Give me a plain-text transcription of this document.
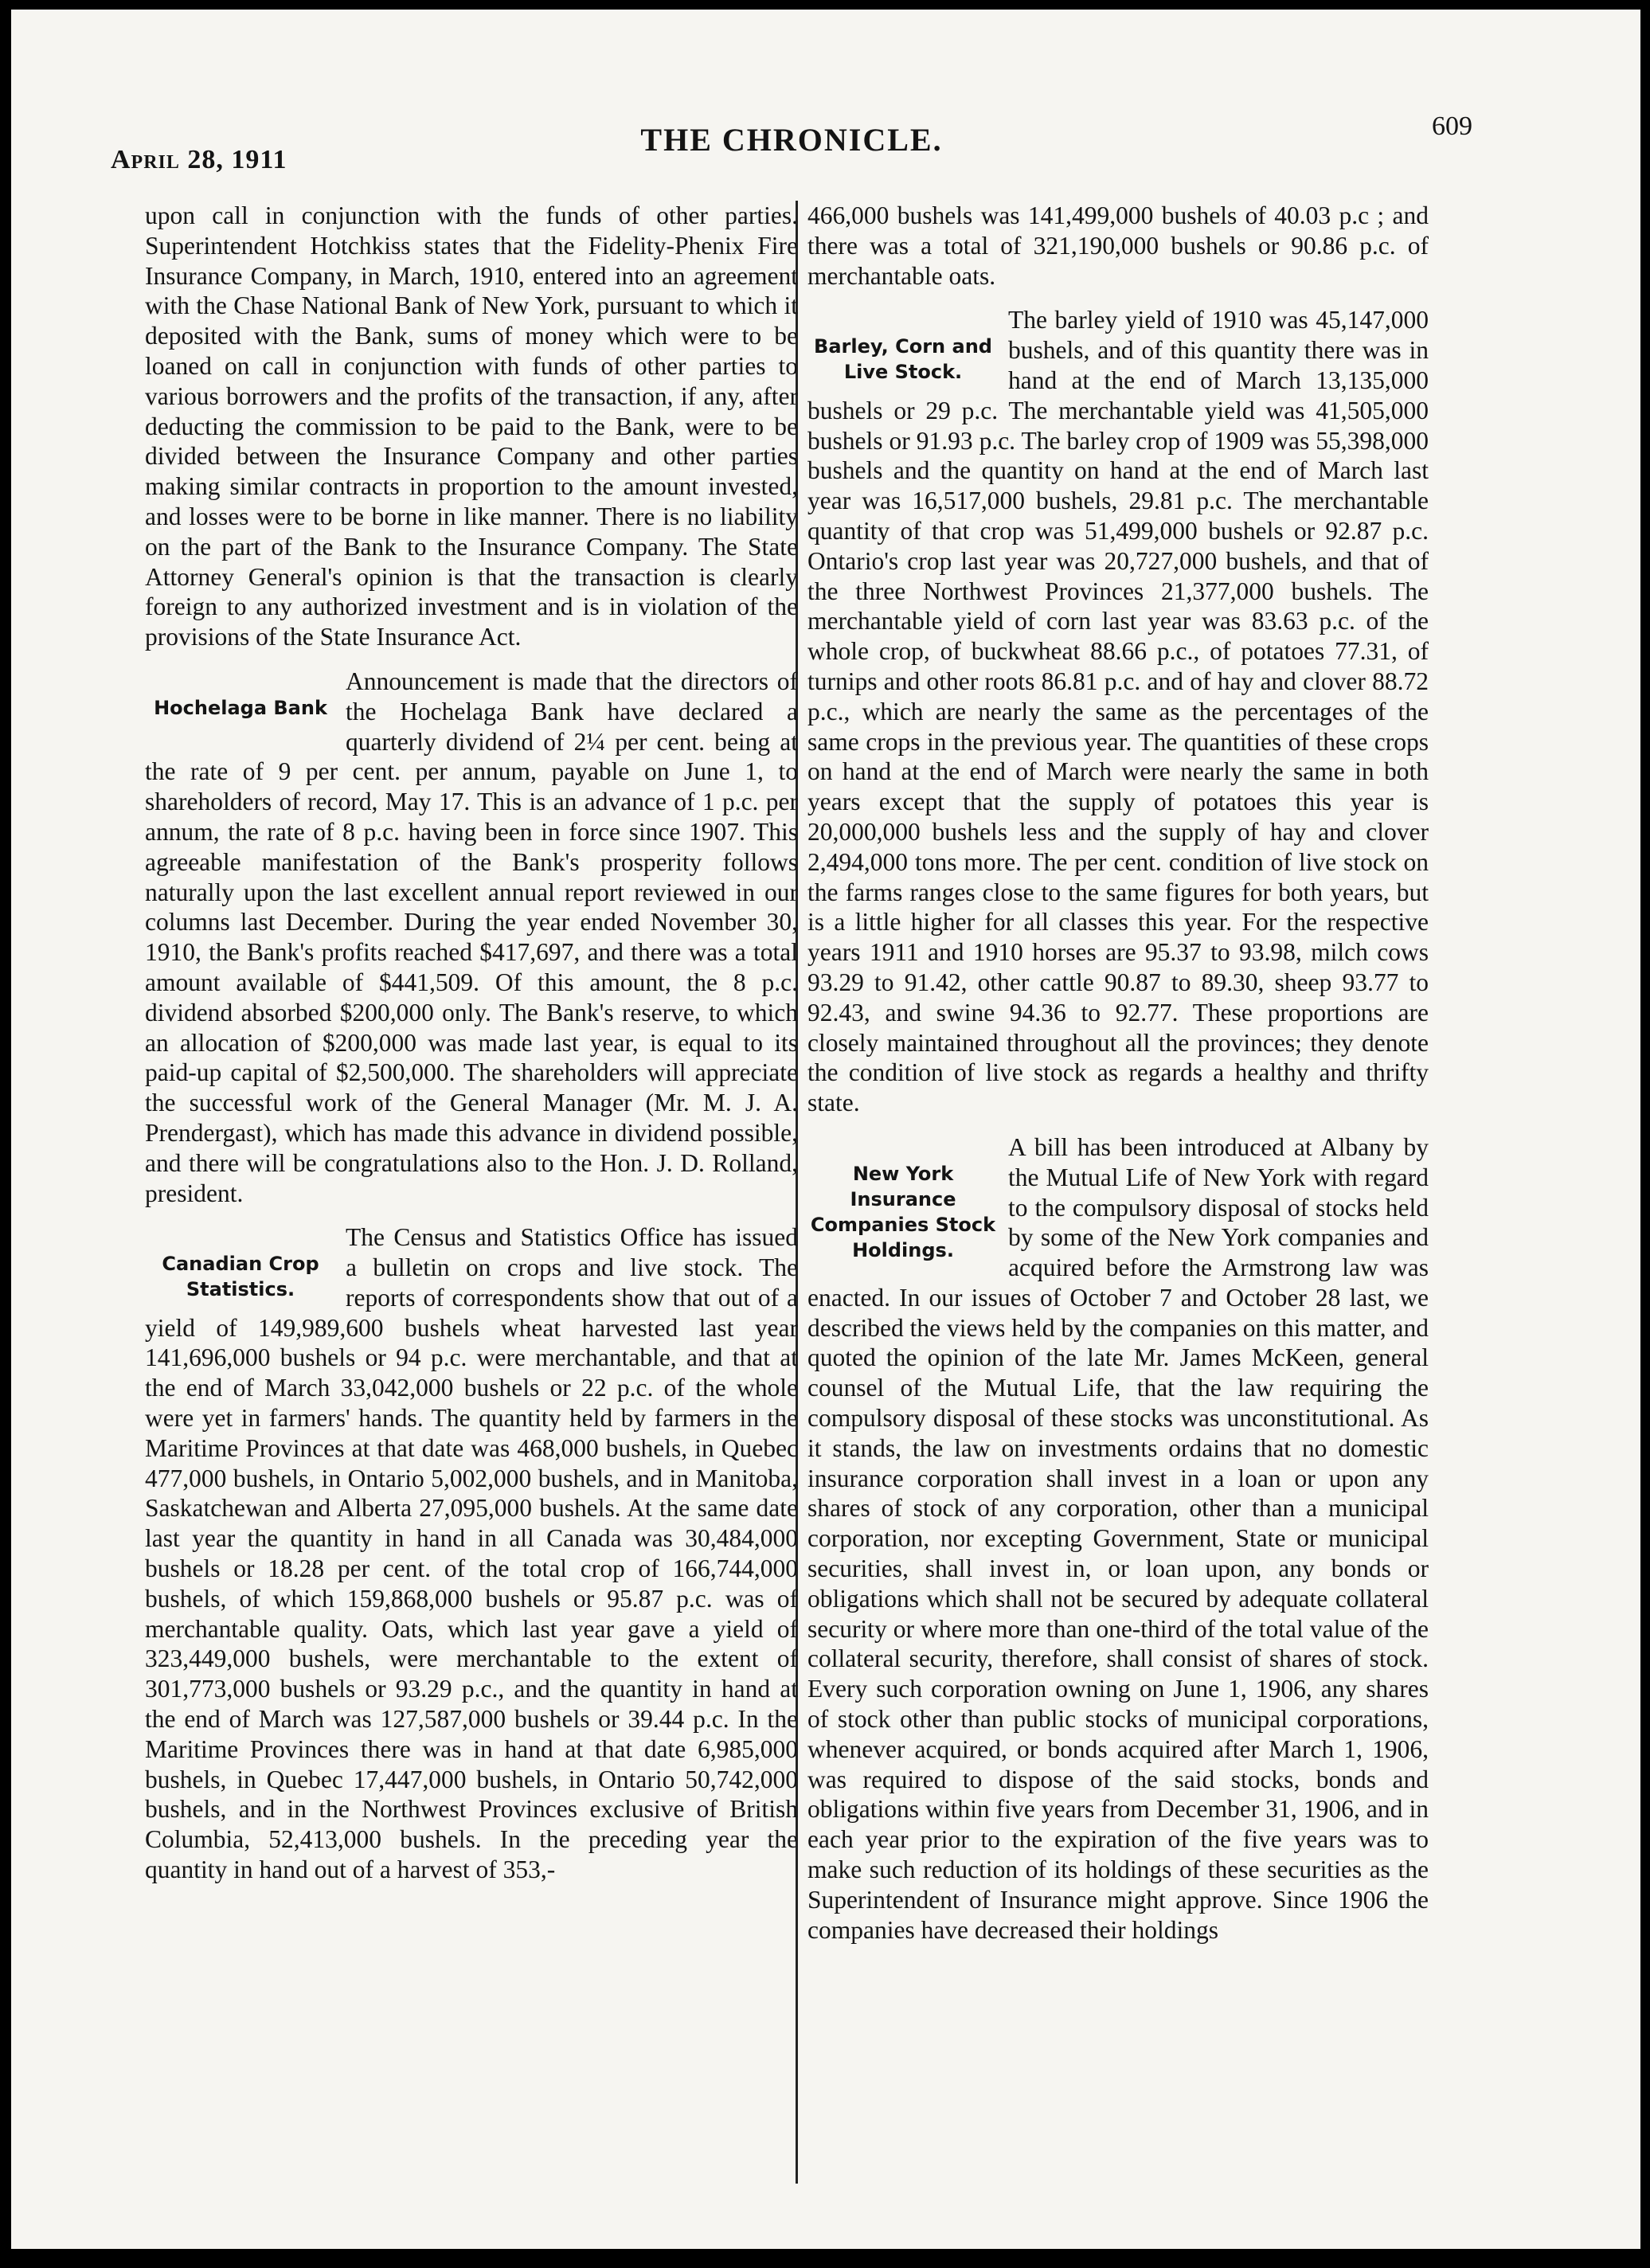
April 28, 1911
THE CHRONICLE.	609

upon call in conjunction with the funds of other parties. Superintendent Hotchkiss states that the Fidelity-Phenix Fire Insurance Company, in March, 1910, entered into an agreement with the Chase National Bank of New York, pursuant to which it deposited with the Bank, sums of money which were to be loaned on call in conjunction with funds of other parties to various borrowers and the profits of the transaction, if any, after deducting the commission to be paid to the Bank, were to be divided between the Insurance Company and other parties making similar contracts in proportion to the amount invested, and losses were to be borne in like manner. There is no liability on the part of the Bank to the Insurance Company. The State Attorney General's opinion is that the transaction is clearly foreign to any authorized investment and is in violation of the provisions of the State Insurance Act.

Hochelaga Bank

Announcement is made that the directors of the Hochelaga Bank have declared a quarterly dividend of 2¼ per cent. being at the rate of 9 per cent. per annum, payable on June 1, to shareholders of record, May 17. This is an advance of 1 p.c. per annum, the rate of 8 p.c. having been in force since 1907. This agreeable manifestation of the Bank's prosperity follows naturally upon the last excellent annual report reviewed in our columns last December. During the year ended November 30, 1910, the Bank's profits reached $417,697, and there was a total amount available of $441,509. Of this amount, the 8 p.c. dividend absorbed $200,000 only. The Bank's reserve, to which an allocation of $200,000 was made last year, is equal to its paid-up capital of $2,500,000. The shareholders will appreciate the successful work of the General Manager (Mr. M. J. A. Prendergast), which has made this advance in dividend possible, and there will be congratulations also to the Hon. J. D. Rolland, president.

Canadian Crop Statistics.

The Census and Statistics Office has issued a bulletin on crops and live stock. The reports of correspondents show that out of a yield of 149,989,600 bushels wheat harvested last year 141,696,000 bushels or 94 p.c. were merchantable, and that at the end of March 33,042,000 bushels or 22 p.c. of the whole were yet in farmers' hands. The quantity held by farmers in the Maritime Provinces at that date was 468,000 bushels, in Quebec 477,000 bushels, in Ontario 5,002,000 bushels, and in Manitoba, Saskatchewan and Alberta 27,095,000 bushels. At the same date last year the quantity in hand in all Canada was 30,484,000 bushels or 18.28 per cent. of the total crop of 166,744,000 bushels, of which 159,868,000 bushels or 95.87 p.c. was of merchantable quality. Oats, which last year gave a yield of 323,449,000 bushels, were merchantable to the extent of 301,773,000 bushels or 93.29 p.c., and the quantity in hand at the end of March was 127,587,000 bushels or 39.44 p.c. In the Maritime Provinces there was in hand at that date 6,985,000 bushels, in Quebec 17,447,000 bushels, in Ontario 50,742,000 bushels, and in the Northwest Provinces exclusive of British Columbia, 52,413,000 bushels. In the preceding year the quantity in hand out of a harvest of 353,-

466,000 bushels was 141,499,000 bushels of 40.03 p.c ; and there was a total of 321,190,000 bushels or 90.86 p.c. of merchantable oats.

Barley, Corn and Live Stock.

The barley yield of 1910 was 45,147,000 bushels, and of this quantity there was in hand at the end of March 13,135,000 bushels or 29 p.c. The merchantable yield was 41,505,000 bushels or 91.93 p.c. The barley crop of 1909 was 55,398,000 bushels and the quantity on hand at the end of March last year was 16,517,000 bushels, 29.81 p.c. The merchantable quantity of that crop was 51,499,000 bushels or 92.87 p.c. Ontario's crop last year was 20,727,000 bushels, and that of the three Northwest Provinces 21,377,000 bushels. The merchantable yield of corn last year was 83.63 p.c. of the whole crop, of buckwheat 88.66 p.c., of potatoes 77.31, of turnips and other roots 86.81 p.c. and of hay and clover 88.72 p.c., which are nearly the same as the percentages of the same crops in the previous year. The quantities of these crops on hand at the end of March were nearly the same in both years except that the supply of potatoes this year is 20,000,000 bushels less and the supply of hay and clover 2,494,000 tons more. The per cent. condition of live stock on the farms ranges close to the same figures for both years, but is a little higher for all classes this year. For the respective years 1911 and 1910 horses are 95.37 to 93.98, milch cows 93.29 to 91.42, other cattle 90.87 to 89.30, sheep 93.77 to 92.43, and swine 94.36 to 92.77. These proportions are closely maintained throughout all the provinces; they denote the condition of live stock as regards a healthy and thrifty state.

New York Insurance Companies Stock Holdings.

A bill has been introduced at Albany by the Mutual Life of New York with regard to the compulsory disposal of stocks held by some of the New York companies and acquired before the Armstrong law was enacted. In our issues of October 7 and October 28 last, we described the views held by the companies on this matter, and quoted the opinion of the late Mr. James McKeen, general counsel of the Mutual Life, that the law requiring the compulsory disposal of these stocks was unconstitutional. As it stands, the law on investments ordains that no domestic insurance corporation shall invest in a loan or upon any shares of stock of any corporation, other than a municipal corporation, nor excepting Government, State or municipal securities, shall invest in, or loan upon, any bonds or obligations which shall not be secured by adequate collateral security or where more than one-third of the total value of the collateral security, therefore, shall consist of shares of stock. Every such corporation owning on June 1, 1906, any shares of stock other than public stocks of municipal corporations, whenever acquired, or bonds acquired after March 1, 1906, was required to dispose of the said stocks, bonds and obligations within five years from December 31, 1906, and in each year prior to the expiration of the five years was to make such reduction of its holdings of these securities as the Superintendent of Insurance might approve. Since 1906 the companies have decreased their holdings
